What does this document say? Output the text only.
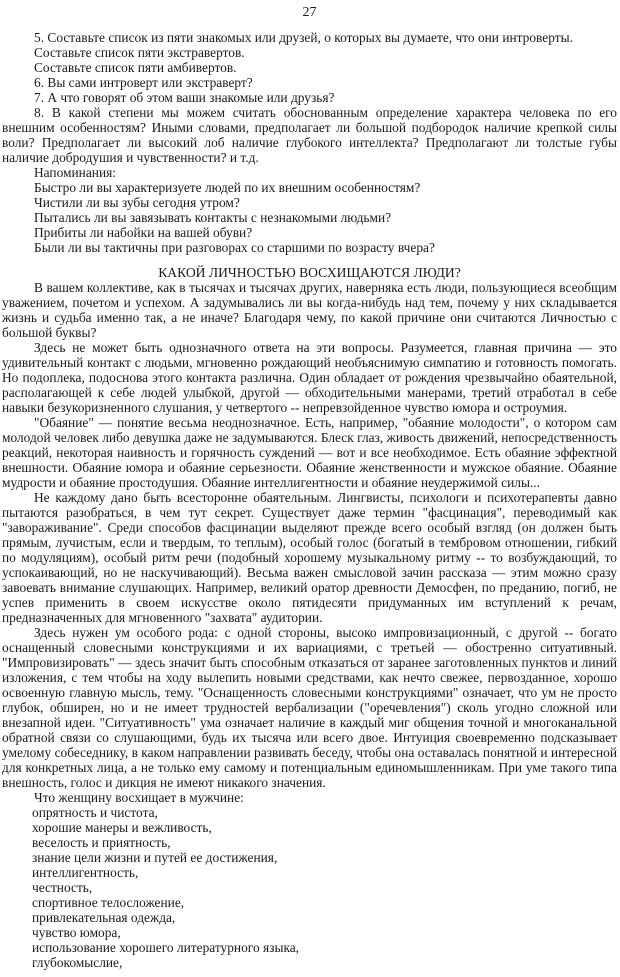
27

5. Составьте список из пяти знакомых или друзей, о которых вы думаете, что они интроверты.

Составьте список пяти экстравертов.

Составьте список пяти амбивертов.

6. Вы сами интроверт или экстраверт?

7. А что говорят об этом ваши знакомые или друзья?

8. В какой степени мы можем считать обоснованным определение характера человека по его внешним особенностям? Иными словами, предполагает ли большой подбородок наличие крепкой силы воли? Предполагает ли высокий лоб наличие глубокого интеллекта? Предполагают ли толстые губы наличие добродушия и чувственности? и т.д.

Напоминания:

Быстро ли вы характеризуете людей по их внешним особенностям?

Чистили ли вы зубы сегодня утром?

Пытались ли вы завязывать контакты с незнакомыми людьми?

Прибиты ли набойки на вашей обуви?

Были ли вы тактичны при разговорах со старшими по возрасту вчера?

КАКОЙ ЛИЧНОСТЬЮ ВОСХИЩАЮТСЯ ЛЮДИ?

В вашем коллективе, как в тысячах и тысячах других, наверняка есть люди, пользующиеся всеобщим уважением, почетом и успехом. А задумывались ли вы когда-нибудь над тем, почему у них складывается жизнь и судьба именно так, а не иначе? Благодаря чему, по какой причине они считаются Личностью с большой буквы?

Здесь не может быть однозначного ответа на эти вопросы. Разумеется, главная причина — это удивительный контакт с людьми, мгновенно рождающий необъяснимую симпатию и готовность помогать. Но подоплека, подоснова этого контакта различна. Один обладает от рождения чрезвычайно обаятельной, располагающей к себе людей улыбкой, другой — обходительными манерами, третий отработал в себе навыки безукоризненного слушания, у четвертого -- непревзойденное чувство юмора и остроумия.

"Обаяние" — понятие весьма неоднозначное. Есть, например, "обаяние молодости", о котором сам молодой человек либо девушка даже не задумываются. Блеск глаз, живость движений, непосредственность реакций, некоторая наивность и горячность суждений — вот и все необходимое. Есть обаяние эффектной внешности. Обаяние юмора и обаяние серьезности. Обаяние женственности и мужское обаяние. Обаяние мудрости и обаяние простодушия. Обаяние интеллигентности и обаяние неудержимой силы...

Не каждому дано быть всесторонне обаятельным. Лингвисты, психологи и психотерапевты давно пытаются разобраться, в чем тут секрет. Существует даже термин "фасцинация", переводимый как "завораживание". Среди способов фасцинации выделяют прежде всего особый взгляд (он должен быть прямым, лучистым, если и твердым, то теплым), особый голос (богатый в тембровом отношении, гибкий по модуляциям), особый ритм речи (подобный хорошему музыкальному ритму -- то возбуждающий, то успокаивающий, но не наскучивающий). Весьма важен смысловой зачин рассказа — этим можно сразу завоевать внимание слушающих. Например, великий оратор древности Демосфен, по преданию, погиб, не успев применить в своем искусстве около пятидесяти придуманных им вступлений к речам, предназначенных для мгновенного "захвата" аудитории.

Здесь нужен ум особого рода: с одной стороны, высоко импровизационный, с другой -- богато оснащенный словесными конструкциями и их вариациями, с третьей — обостренно ситуативный. "Импровизировать" — здесь значит быть способным отказаться от заранее заготовленных пунктов и линий изложения, с тем чтобы на ходу вылепить новыми средствами, как нечто свежее, первозданное, хорошо освоенную главную мысль, тему. "Оснащенность словесными конструкциями" означает, что ум не просто глубок, обширен, но и не имеет трудностей вербализации ("оречевления") сколь угодно сложной или внезапной идеи. "Ситуативность" ума означает наличие в каждый миг общения точной и многоканальной обратной связи со слушающими, будь их тысяча или всего двое. Интуиция своевременно подсказывает умелому собеседнику, в каком направлении развивать беседу, чтобы она оставалась понятной и интересной для конкретных лица, а не только ему самому и потенциальным единомышленникам. При уме такого типа внешность, голос и дикция не имеют никакого значения.

Что женщину восхищает в мужчине:

опрятность и чистота,

хорошие манеры и вежливость,

веселость и приятность,

знание цели жизни и путей ее достижения,

интеллигентность,

честность,

спортивное телосложение,

привлекательная одежда,

чувство юмора,

использование хорошего литературного языка,

глубокомыслие,
